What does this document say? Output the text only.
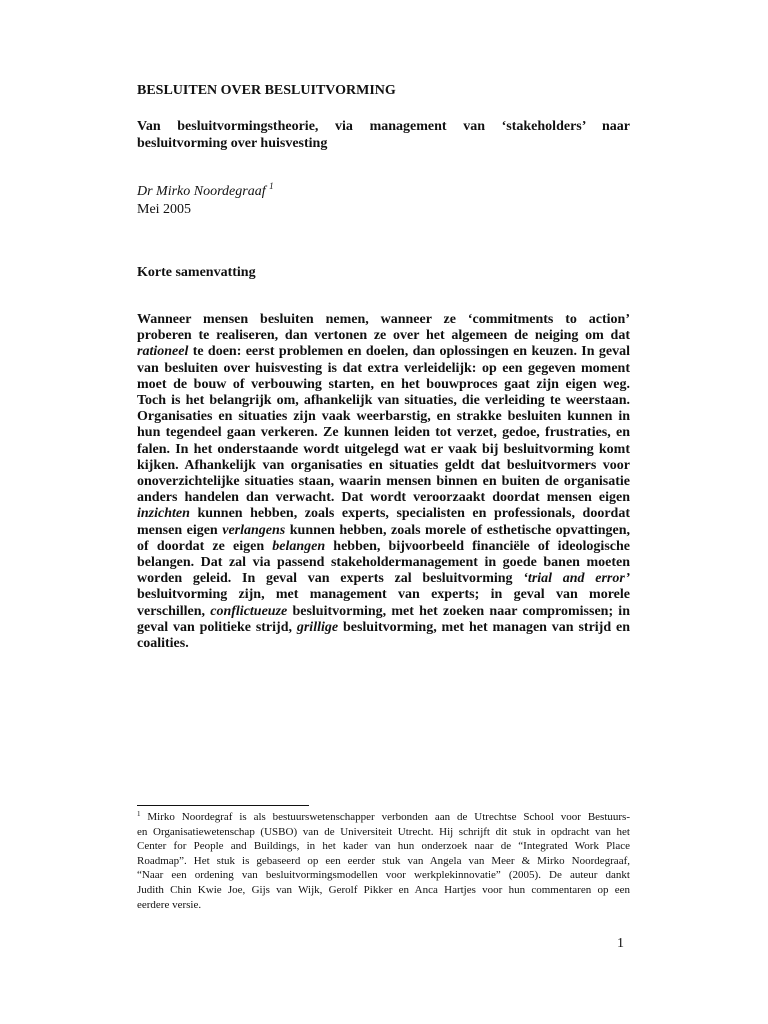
BESLUITEN OVER BESLUITVORMING

Van besluitvormingstheorie, via management van ‘stakeholders’ naar
besluitvorming over huisvesting

Dr Mirko Noordegraaf $^1$

Mei 2005

Korte samenvatting

Wanneer mensen besluiten nemen, wanneer ze ‘commitments to action’
proberen te realiseren, dan vertonen ze over het algemeen de neiging om dat
rationeel te doen: eerst problemen en doelen, dan oplossingen en keuzen. In geval
van besluiten over huisvesting is dat extra verleidelijk: op een gegeven moment
moet de bouw of verbouwing starten, en het bouwproces gaat zijn eigen weg.
Toch is het belangrijk om, afhankelijk van situaties, die verleiding te weerstaan.
Organisaties en situaties zijn vaak weerbarstig, en strakke besluiten kunnen in
hun tegendeel gaan verkeren. Ze kunnen leiden tot verzet, gedoe, frustraties, en
falen. In het onderstaande wordt uitgelegd wat er vaak bij besluitvorming komt
kijken. Afhankelijk van organisaties en situaties geldt dat besluitvormers voor
onoverzichtelijke situaties staan, waarin mensen binnen en buiten de organisatie
anders handelen dan verwacht. Dat wordt veroorzaakt doordat mensen eigen
inzichten kunnen hebben, zoals experts, specialisten en professionals, doordat
mensen eigen verlangens kunnen hebben, zoals morele of esthetische opvattingen,
of doordat ze eigen belangen hebben, bijvoorbeeld financiële of ideologische
belangen. Dat zal via passend stakeholdermanagement in goede banen moeten
worden geleid. In geval van experts zal besluitvorming ‘trial and error’
besluitvorming zijn, met management van experts; in geval van morele
verschillen, conflictueuze besluitvorming, met het zoeken naar compromissen; in
geval van politieke strijd, grillige besluitvorming, met het managen van strijd en
coalities.

$^1$ Mirko Noordegraf is als bestuurswetenschapper verbonden aan de Utrechtse School voor Bestuurs-
en Organisatiewetenschap (USBO) van de Universiteit Utrecht. Hij schrijft dit stuk in opdracht van het
Center for People and Buildings, in het kader van hun onderzoek naar de “Integrated Work Place
Roadmap”. Het stuk is gebaseerd op een eerder stuk van Angela van Meer & Mirko Noordegraaf,
“Naar een ordening van besluitvormingsmodellen voor werkplekinnovatie” (2005). De auteur dankt
Judith Chin Kwie Joe, Gijs van Wijk, Gerolf Pikker en Anca Hartjes voor hun commentaren op een
eerdere versie.

1
